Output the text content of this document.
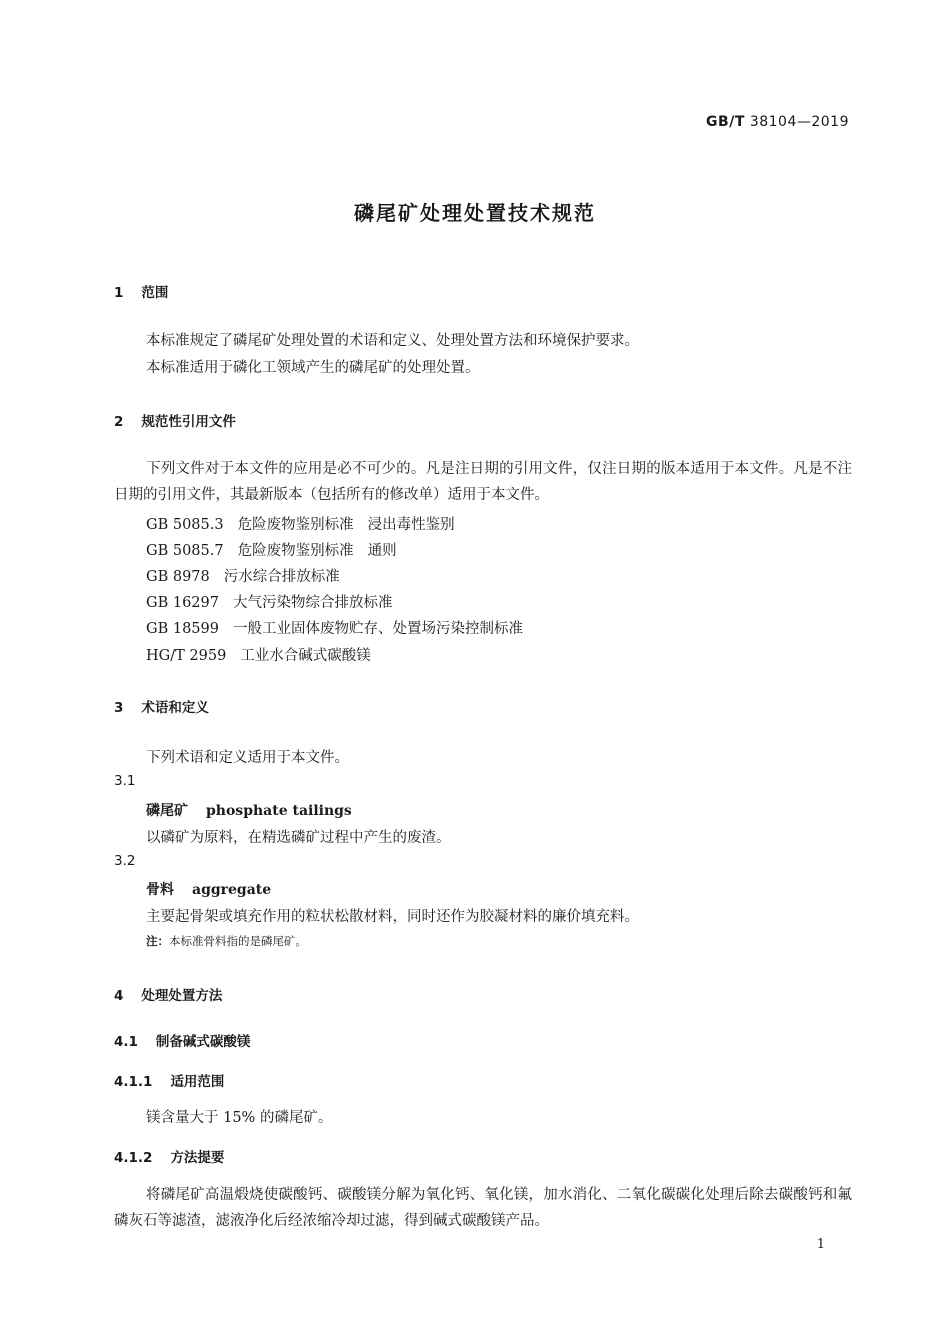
GB/T 38104—2019
磷尾矿处理处置技术规范
1 范围
本标准规定了磷尾矿处理处置的术语和定义、处理处置方法和环境保护要求。
本标准适用于磷化工领域产生的磷尾矿的处理处置。
2 规范性引用文件
下列文件对于本文件的应用是必不可少的。凡是注日期的引用文件，仅注日期的版本适用于本文件。凡是不注日期的引用文件，其最新版本（包括所有的修改单）适用于本文件。
GB 5085.3 危险废物鉴别标准 浸出毒性鉴别
GB 5085.7 危险废物鉴别标准 通则
GB 8978 污水综合排放标准
GB 16297 大气污染物综合排放标准
GB 18599 一般工业固体废物贮存、处置场污染控制标准
HG/T 2959 工业水合碱式碳酸镁
3 术语和定义
下列术语和定义适用于本文件。
3.1
磷尾矿 phosphate tailings
以磷矿为原料，在精选磷矿过程中产生的废渣。
3.2
骨料 aggregate
主要起骨架或填充作用的粒状松散材料，同时还作为胶凝材料的廉价填充料。
注：本标准骨料指的是磷尾矿。
4 处理处置方法
4.1 制备碱式碳酸镁
4.1.1 适用范围
镁含量大于 15% 的磷尾矿。
4.1.2 方法提要
将磷尾矿高温煅烧使碳酸钙、碳酸镁分解为氧化钙、氧化镁，加水消化、二氧化碳碳化处理后除去碳酸钙和氟磷灰石等滤渣，滤液净化后经浓缩冷却过滤，得到碱式碳酸镁产品。
1
